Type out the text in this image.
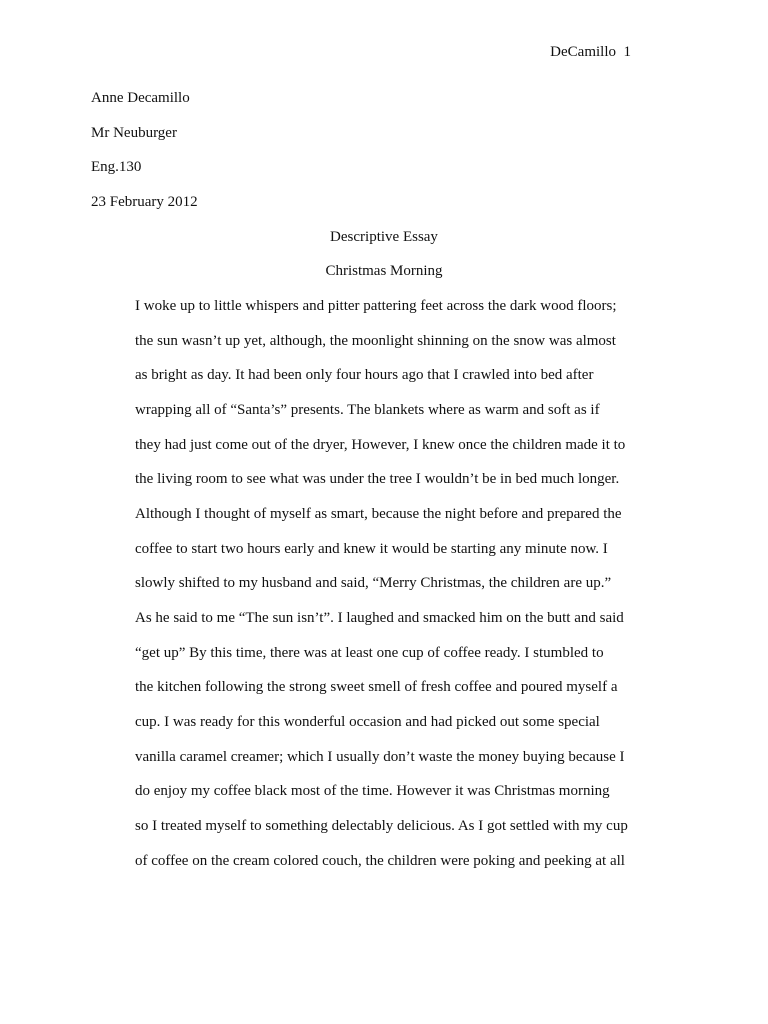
DeCamillo 1
Anne Decamillo
Mr Neuburger
Eng.130
23 February 2012
Descriptive Essay
Christmas Morning
I woke up to little whispers and pitter pattering feet across the dark wood floors;
the sun wasn’t up yet, although, the moonlight shinning on the snow was almost
as bright as day. It had been only four hours ago that I crawled into bed after
wrapping all of “Santa’s” presents. The blankets where as warm and soft as if
they had just come out of the dryer, However, I knew once the children made it to
the living room to see what was under the tree I wouldn’t be in bed much longer.
Although I thought of myself as smart, because the night before and prepared the
coffee to start two hours early and knew it would be starting any minute now. I
slowly shifted to my husband and said, “Merry Christmas, the children are up.”
As he said to me “The sun isn’t”. I laughed and smacked him on the butt and said
“get up” By this time, there was at least one cup of coffee ready. I stumbled to
the kitchen following the strong sweet smell of fresh coffee and poured myself a
cup. I was ready for this wonderful occasion and had picked out some special
vanilla caramel creamer; which I usually don’t waste the money buying because I
do enjoy my coffee black most of the time. However it was Christmas morning
so I treated myself to something delectably delicious. As I got settled with my cup
of coffee on the cream colored couch, the children were poking and peeking at all
